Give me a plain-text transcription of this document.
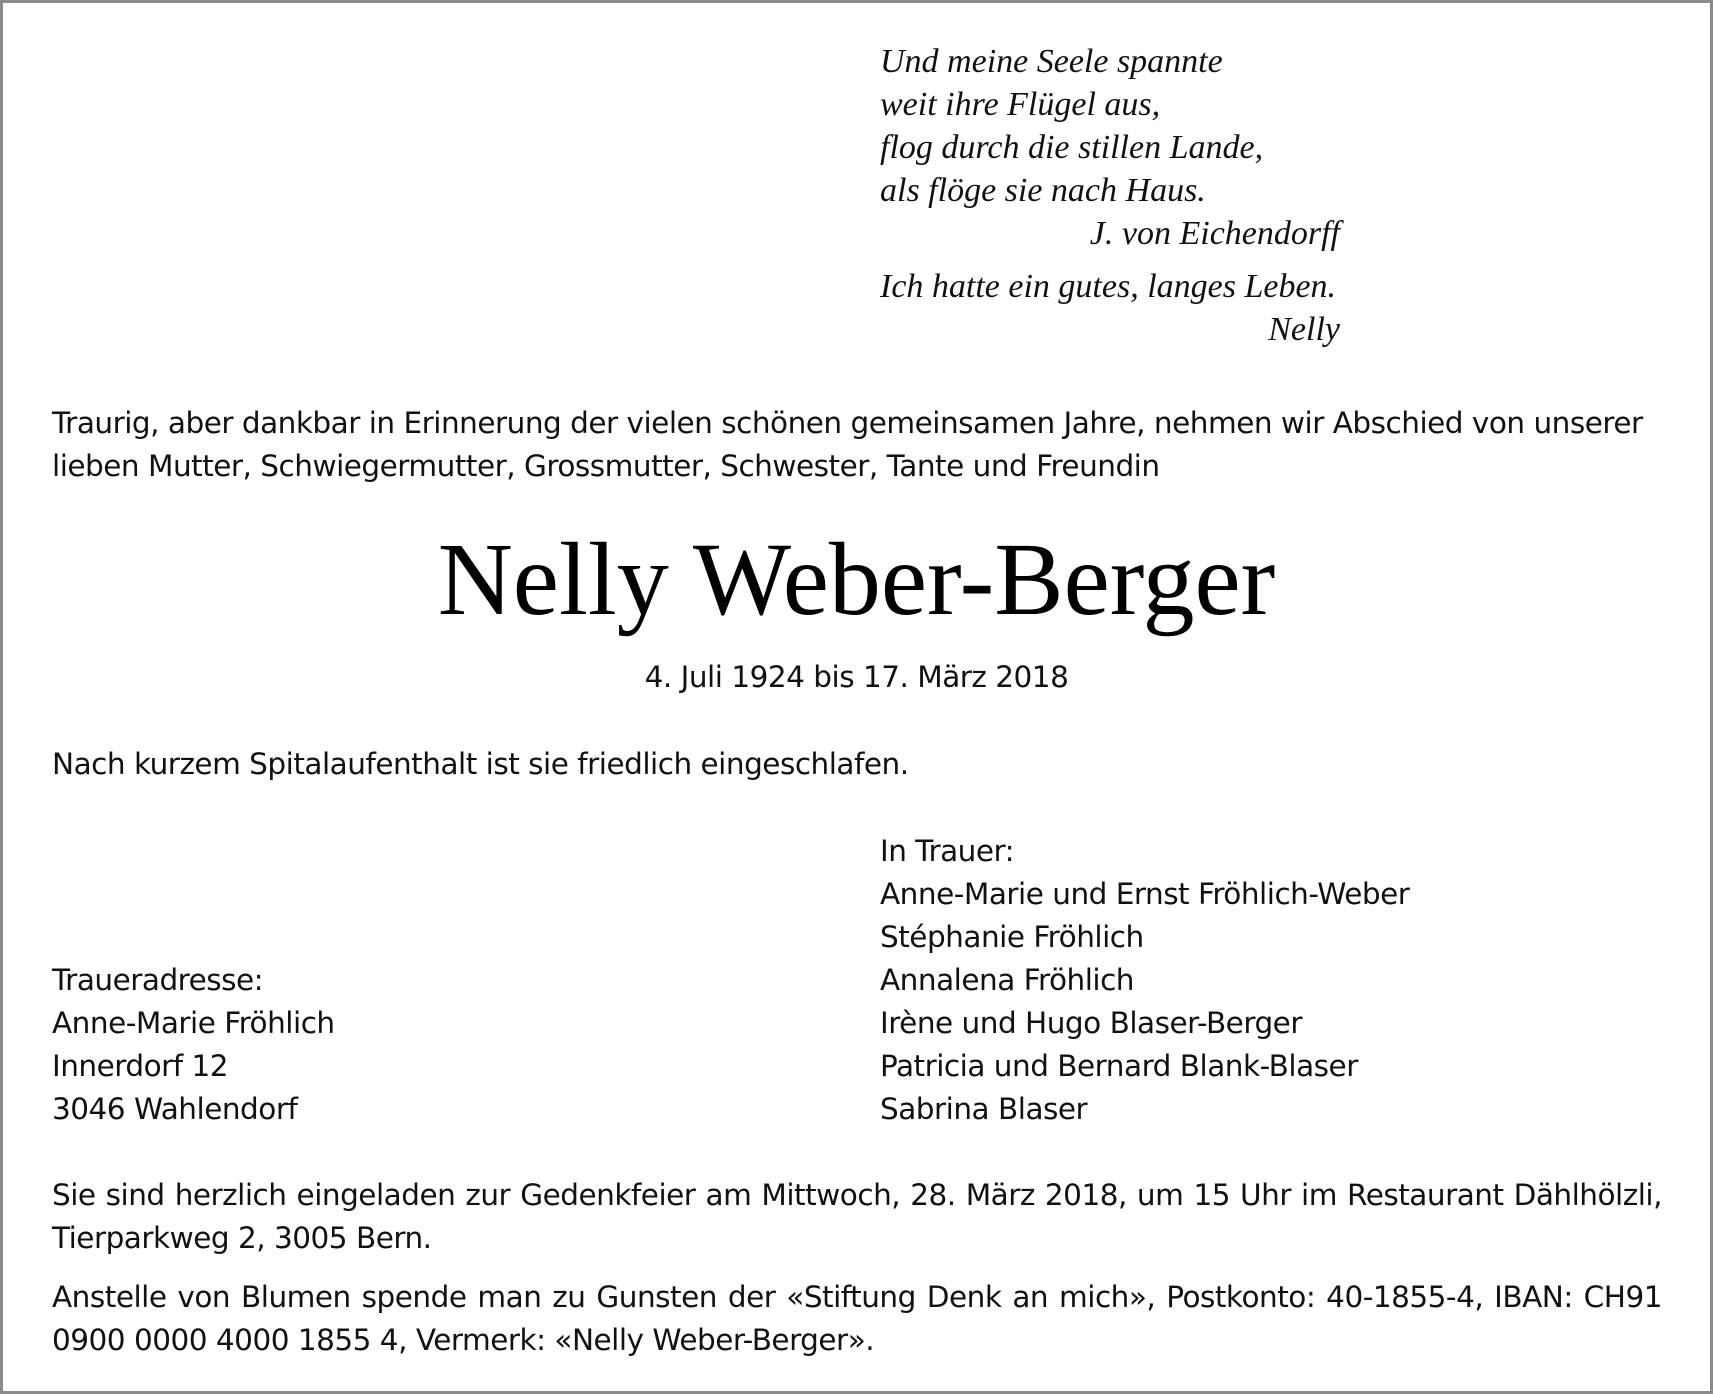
Und meine Seele spannte
weit ihre Flügel aus,
flog durch die stillen Lande,
als flöge sie nach Haus.
J. von Eichendorff
Ich hatte ein gutes, langes Leben.
Nelly
Traurig, aber dankbar in Erinnerung der vielen schönen gemeinsamen Jahre, nehmen wir Abschied von unserer lieben Mutter, Schwiegermutter, Grossmutter, Schwester, Tante und Freundin
Nelly Weber-Berger
4. Juli 1924 bis 17. März 2018
Nach kurzem Spitalaufenthalt ist sie friedlich eingeschlafen.
In Trauer:
Anne-Marie und Ernst Fröhlich-Weber
Stéphanie Fröhlich
Annalena Fröhlich
Irène und Hugo Blaser-Berger
Patricia und Bernard Blank-Blaser
Sabrina Blaser
Traueradresse:
Anne-Marie Fröhlich
Innerdorf 12
3046 Wahlendorf
Sie sind herzlich eingeladen zur Gedenkfeier am Mittwoch, 28. März 2018, um 15 Uhr im Restaurant Dählhölzli, Tierparkweg 2, 3005 Bern.
Anstelle von Blumen spende man zu Gunsten der «Stiftung Denk an mich», Postkonto: 40-1855-4, IBAN: CH91 0900 0000 4000 1855 4, Vermerk: «Nelly Weber-Berger».
